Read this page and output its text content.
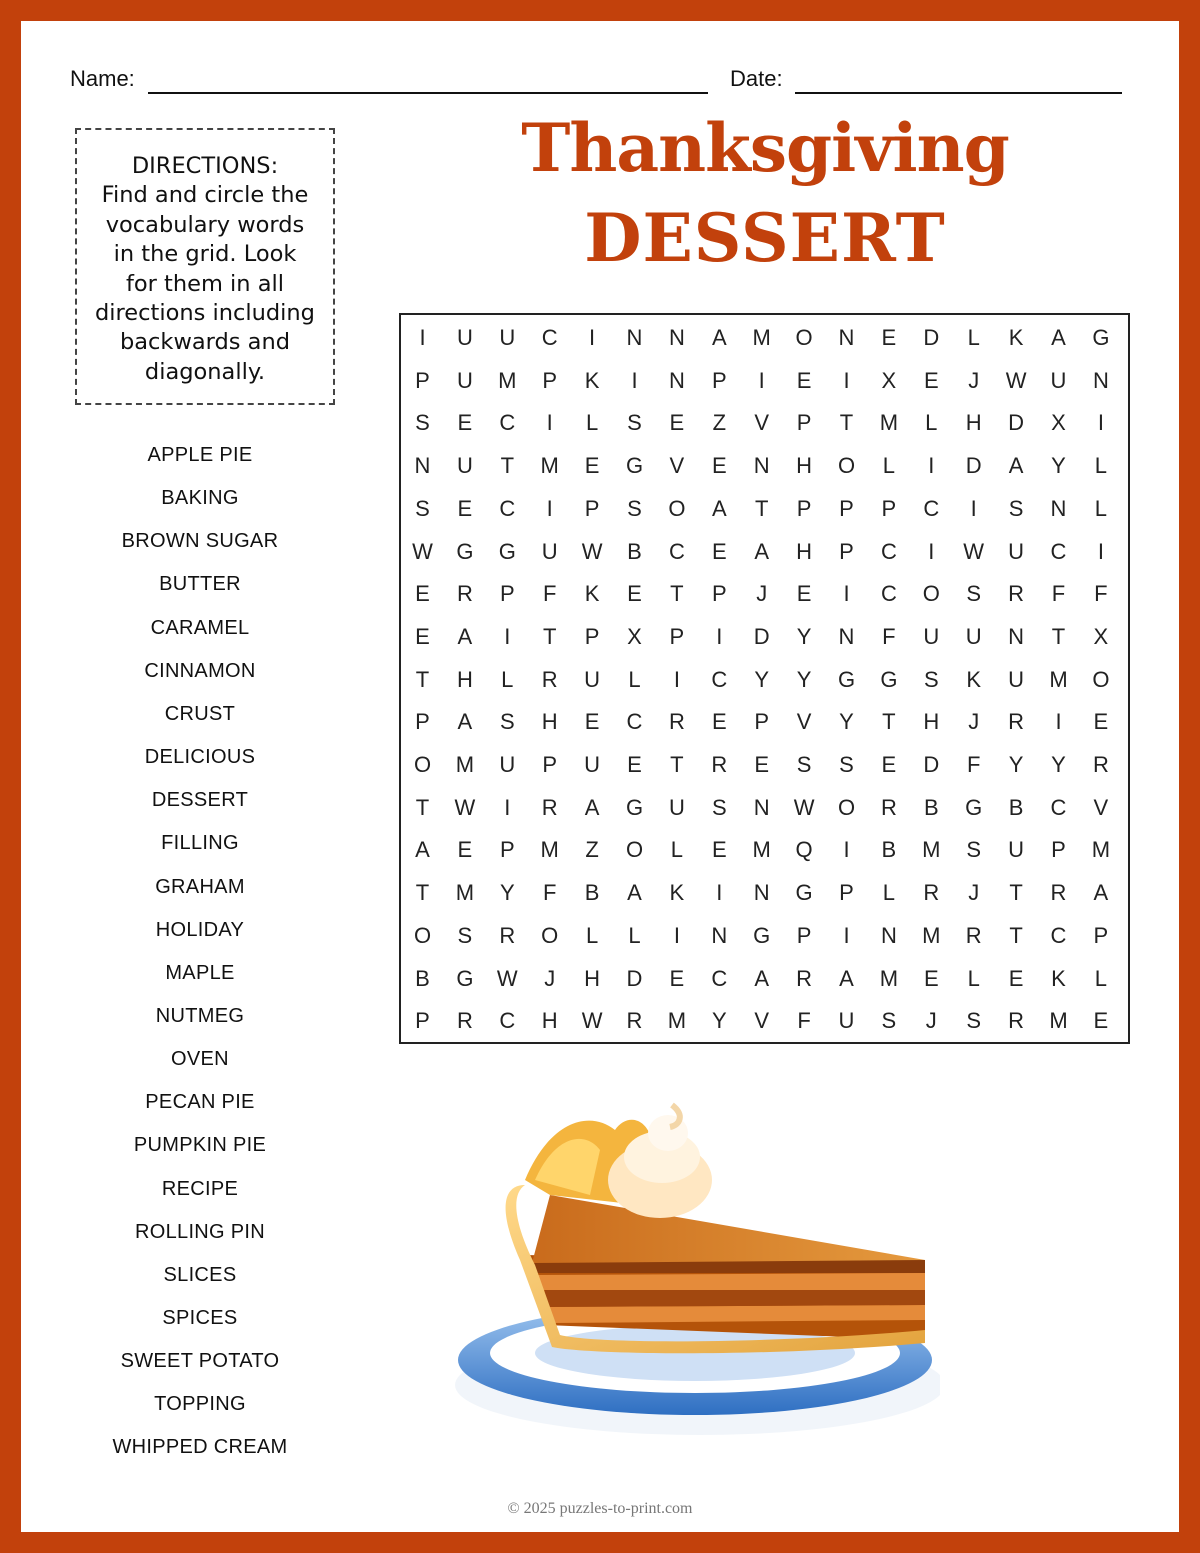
Name:	Date:
Thanksgiving
DESSERT
DIRECTIONS:
Find and circle the
vocabulary words
in the grid. Look
for them in all
directions including
backwards and
diagonally.
APPLE PIE
BAKING
BROWN SUGAR
BUTTER
CARAMEL
CINNAMON
CRUST
DELICIOUS
DESSERT
FILLING
GRAHAM
HOLIDAY
MAPLE
NUTMEG
OVEN
PECAN PIE
PUMPKIN PIE
RECIPE
ROLLING PIN
SLICES
SPICES
SWEET POTATO
TOPPING
WHIPPED CREAM
I	U	U	C	I	N	N	A	M	O	N	E	D	L	K	A	G
P	U	M	P	K	I	N	P	I	E	I	X	E	J	W	U	N
S	E	C	I	L	S	E	Z	V	P	T	M	L	H	D	X	I
N	U	T	M	E	G	V	E	N	H	O	L	I	D	A	Y	L
S	E	C	I	P	S	O	A	T	P	P	P	C	I	S	N	L
W	G	G	U	W	B	C	E	A	H	P	C	I	W	U	C	I
E	R	P	F	K	E	T	P	J	E	I	C	O	S	R	F	F
E	A	I	T	P	X	P	I	D	Y	N	F	U	U	N	T	X
T	H	L	R	U	L	I	C	Y	Y	G	G	S	K	U	M	O
P	A	S	H	E	C	R	E	P	V	Y	T	H	J	R	I	E
O	M	U	P	U	E	T	R	E	S	S	E	D	F	Y	Y	R
T	W	I	R	A	G	U	S	N	W	O	R	B	G	B	C	V
A	E	P	M	Z	O	L	E	M	Q	I	B	M	S	U	P	M
T	M	Y	F	B	A	K	I	N	G	P	L	R	J	T	R	A
O	S	R	O	L	L	I	N	G	P	I	N	M	R	T	C	P
B	G	W	J	H	D	E	C	A	R	A	M	E	L	E	K	L
P	R	C	H	W	R	M	Y	V	F	U	S	J	S	R	M	E
© 2025 puzzles-to-print.com
